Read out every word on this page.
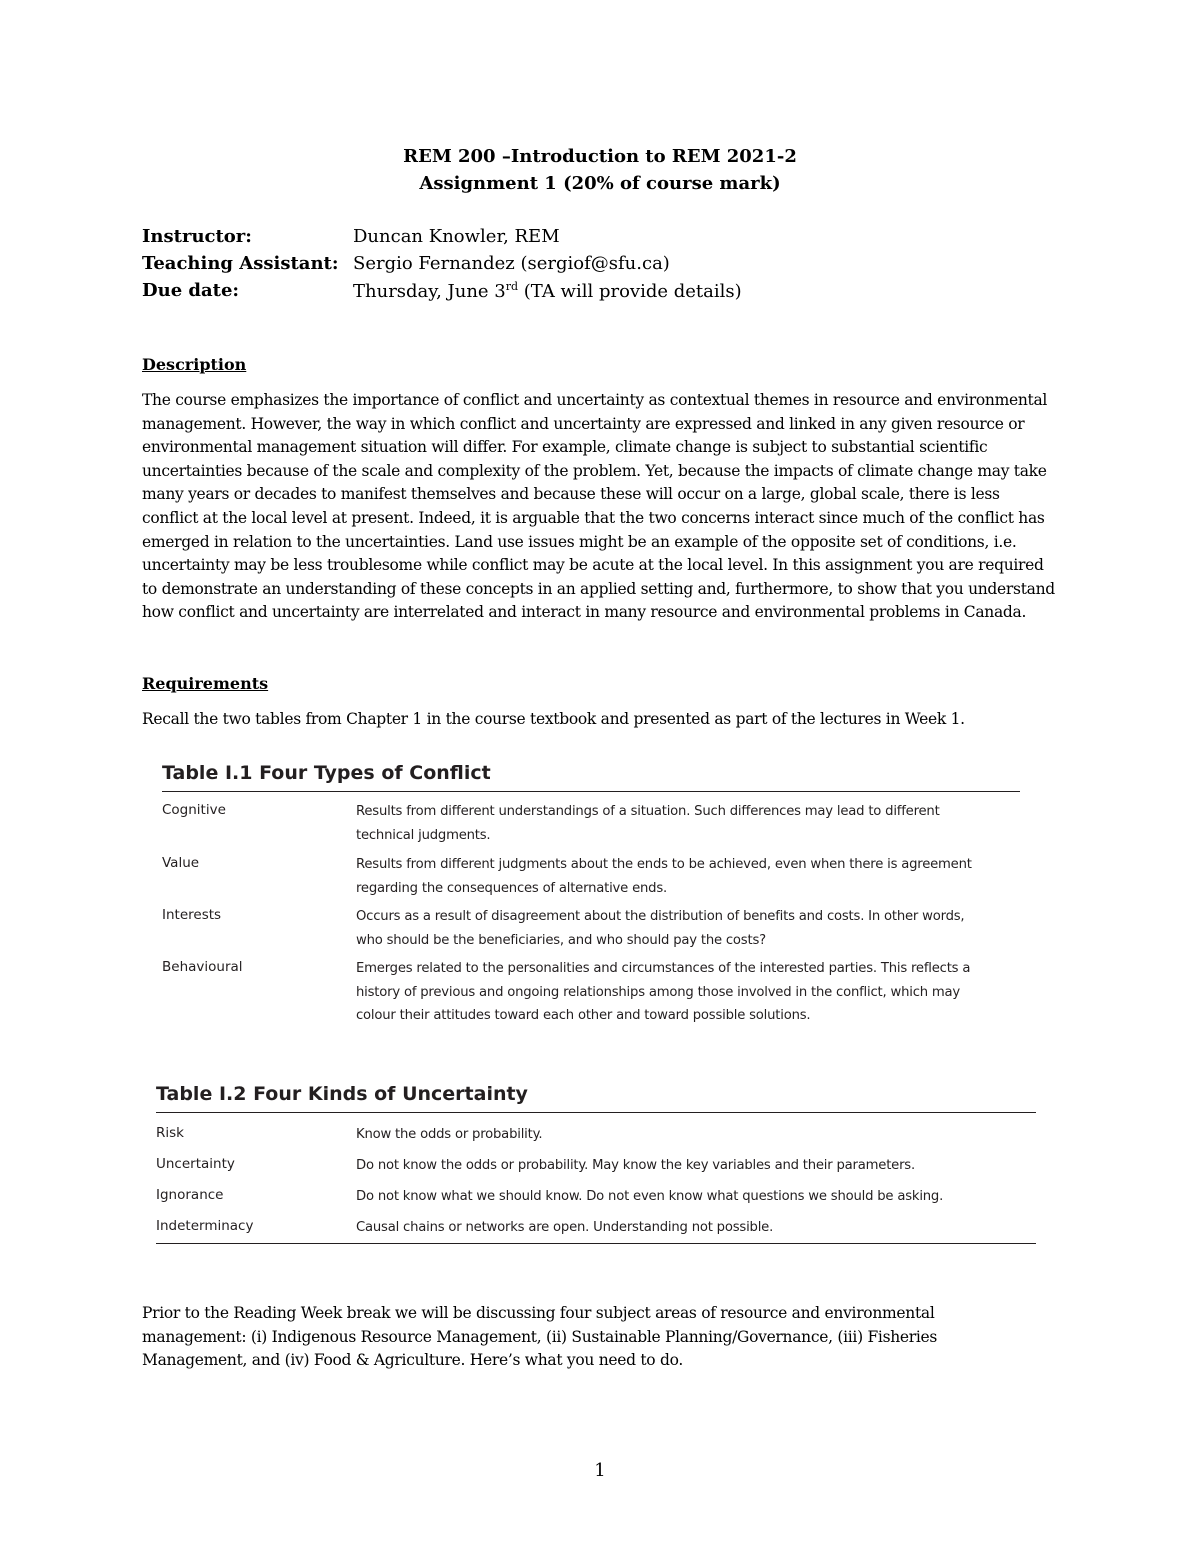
REM 200 –Introduction to REM 2021-2
Assignment 1 (20% of course mark)
Instructor:	Duncan Knowler, REM
Teaching Assistant: Sergio Fernandez (sergiof@sfu.ca)
Due date:	Thursday, June 3rd (TA will provide details)
Description
The course emphasizes the importance of conflict and uncertainty as contextual themes in resource and environmental management. However, the way in which conflict and uncertainty are expressed and linked in any given resource or environmental management situation will differ. For example, climate change is subject to substantial scientific uncertainties because of the scale and complexity of the problem. Yet, because the impacts of climate change may take many years or decades to manifest themselves and because these will occur on a large, global scale, there is less conflict at the local level at present. Indeed, it is arguable that the two concerns interact since much of the conflict has emerged in relation to the uncertainties. Land use issues might be an example of the opposite set of conditions, i.e. uncertainty may be less troublesome while conflict may be acute at the local level. In this assignment you are required to demonstrate an understanding of these concepts in an applied setting and, furthermore, to show that you understand how conflict and uncertainty are interrelated and interact in many resource and environmental problems in Canada.
Requirements
Recall the two tables from Chapter 1 in the course textbook and presented as part of the lectures in Week 1.
Table I.1 Four Types of Conflict
Cognitive	Results from different understandings of a situation. Such differences may lead to different
technical judgments.
Value	Results from different judgments about the ends to be achieved, even when there is agreement
regarding the consequences of alternative ends.
Interests	Occurs as a result of disagreement about the distribution of benefits and costs. In other words,
who should be the beneficiaries, and who should pay the costs?
Behavioural	Emerges related to the personalities and circumstances of the interested parties. This reflects a
history of previous and ongoing relationships among those involved in the conflict, which may
colour their attitudes toward each other and toward possible solutions.
Table I.2 Four Kinds of Uncertainty
Risk	Know the odds or probability.
Uncertainty	Do not know the odds or probability. May know the key variables and their parameters.
Ignorance	Do not know what we should know. Do not even know what questions we should be asking.
Indeterminacy	Causal chains or networks are open. Understanding not possible.
Prior to the Reading Week break we will be discussing four subject areas of resource and environmental management: (i) Indigenous Resource Management, (ii) Sustainable Planning/Governance, (iii) Fisheries Management, and (iv) Food & Agriculture. Here’s what you need to do.
1
